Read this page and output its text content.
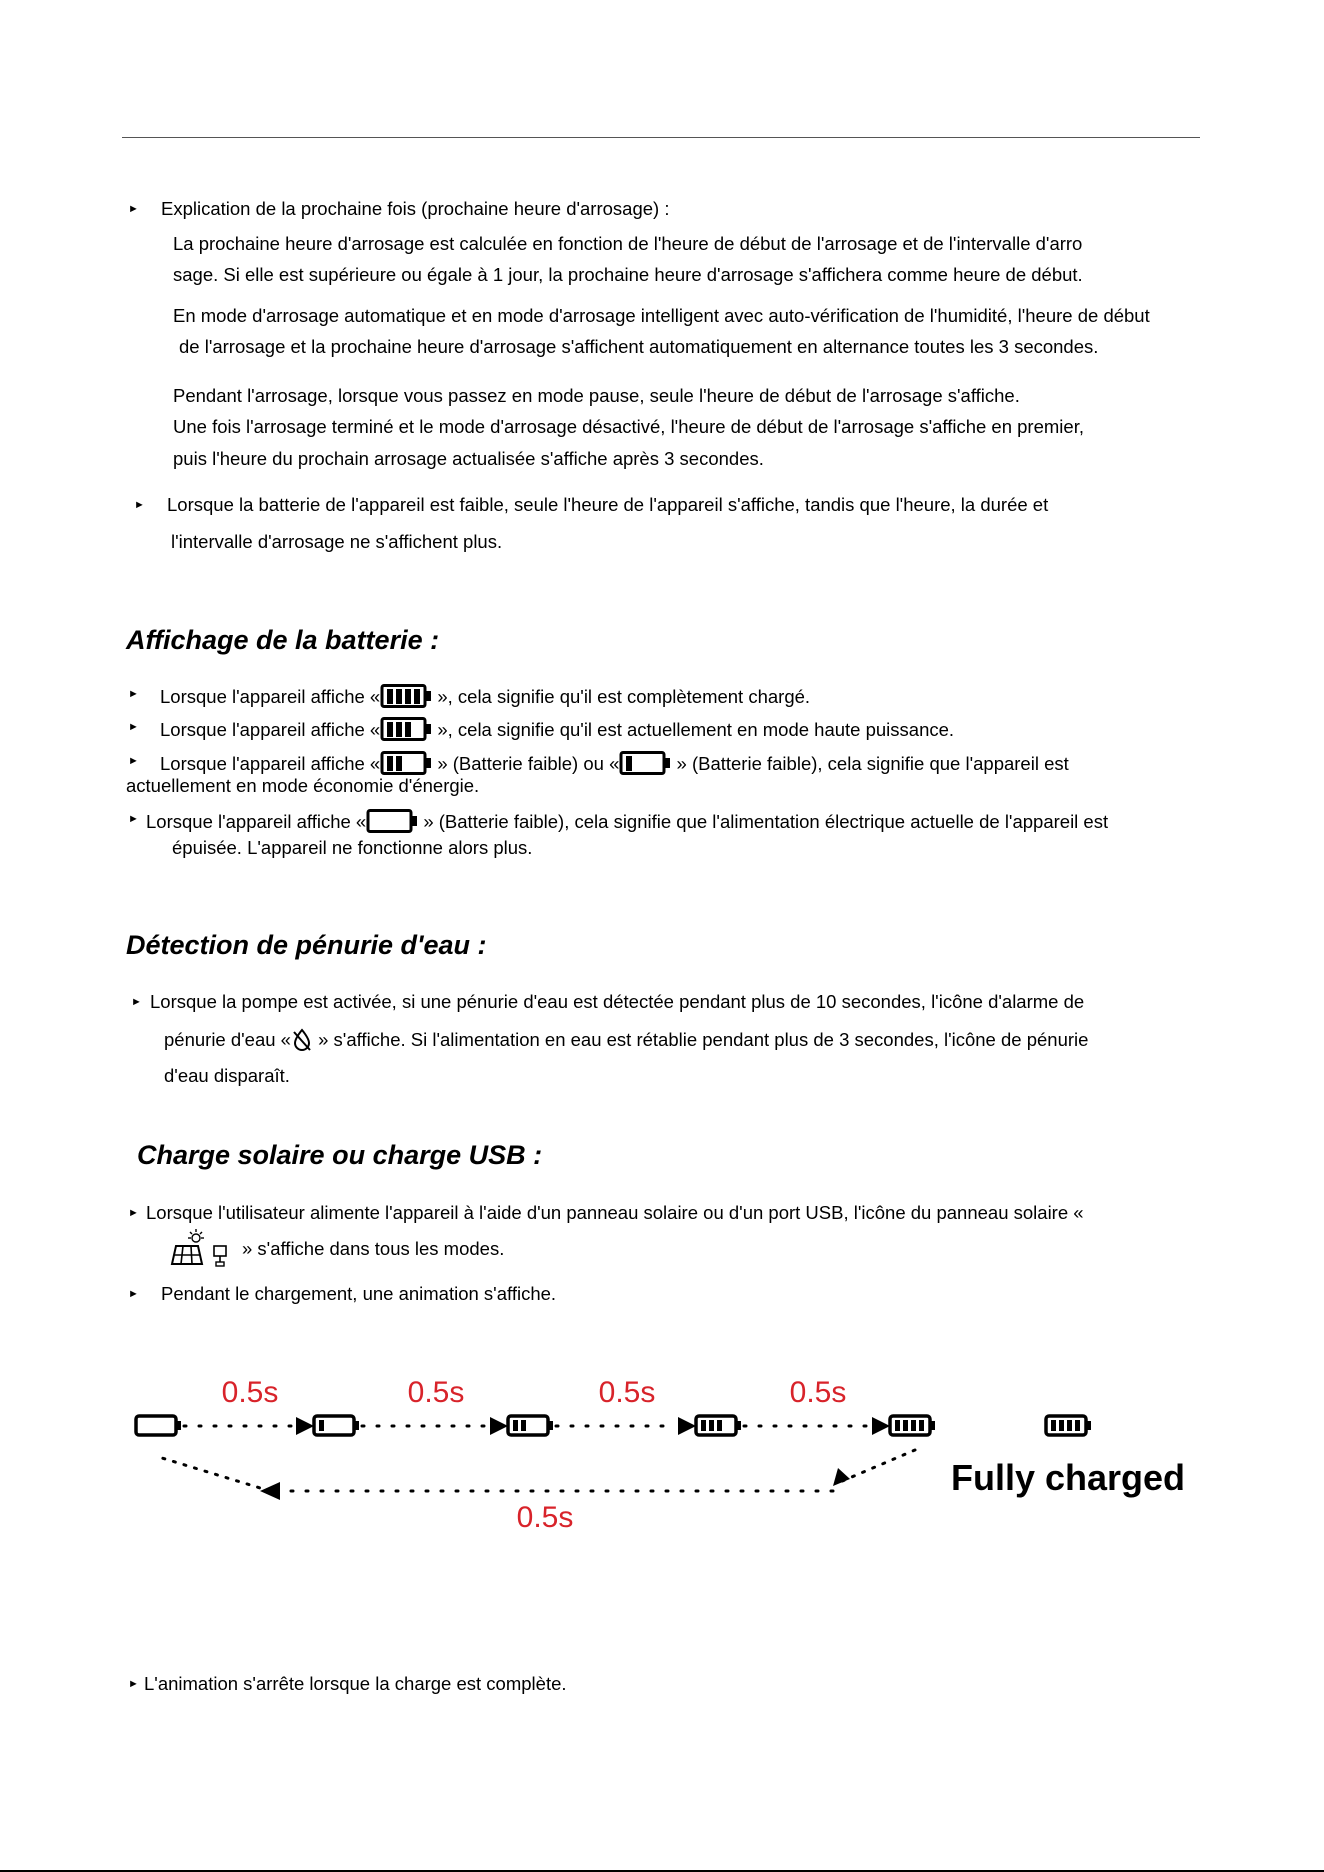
► Explication de la prochaine fois (prochaine heure d'arrosage) :
La prochaine heure d'arrosage est calculée en fonction de l'heure de début de l'arrosage et de l'intervalle d'arro
sage. Si elle est supérieure ou égale à 1 jour, la prochaine heure d'arrosage s'affichera comme heure de début.
En mode d'arrosage automatique et en mode d'arrosage intelligent avec auto-vérification de l'humidité, l'heure de début
de l'arrosage et la prochaine heure d'arrosage s'affichent automatiquement en alternance toutes les 3 secondes.
Pendant l'arrosage, lorsque vous passez en mode pause, seule l'heure de début de l'arrosage s'affiche.
Une fois l'arrosage terminé et le mode d'arrosage désactivé, l'heure de début de l'arrosage s'affiche en premier,
puis l'heure du prochain arrosage actualisée s'affiche après 3 secondes.
► Lorsque la batterie de l'appareil est faible, seule l'heure de l'appareil s'affiche, tandis que l'heure, la durée et
l'intervalle d'arrosage ne s'affichent plus.
Affichage de la batterie :
► Lorsque l'appareil affiche «	», cela signifie qu'il est complètement chargé.
► Lorsque l'appareil affiche «	», cela signifie qu'il est actuellement en mode haute puissance.
► Lorsque l'appareil affiche «	» (Batterie faible) ou «	» (Batterie faible), cela signifie que l'appareil est
actuellement en mode économie d'énergie.
► Lorsque l'appareil affiche «	» (Batterie faible), cela signifie que l'alimentation électrique actuelle de l'appareil est
épuisée. L'appareil ne fonctionne alors plus.
Détection de pénurie d'eau :
► Lorsque la pompe est activée, si une pénurie d'eau est détectée pendant plus de 10 secondes, l'icône d'alarme de
pénurie d'eau «
» s'affiche. Si l'alimentation en eau est rétablie pendant plus de 3 secondes, l'icône de pénurie
d'eau disparaît.
Charge solaire ou charge USB :
► Lorsque l'utilisateur alimente l'appareil à l'aide d'un panneau solaire ou d'un port USB, l'icône du panneau solaire «
» s'affiche dans tous les modes.
► Pendant le chargement, une animation s'affiche.
0.5s	0.5s	0.5s	0.5s
0.5s
Fully charged
► L'animation s'arrête lorsque la charge est complète.
